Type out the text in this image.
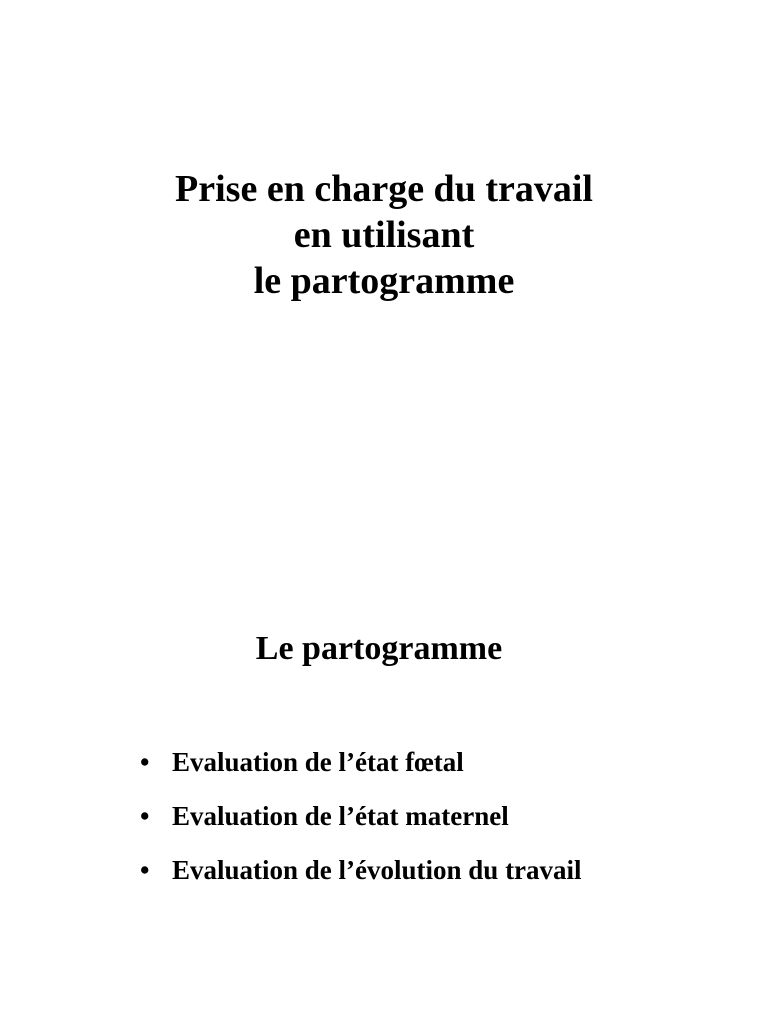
Prise en charge du travail
en utilisant
le partogramme
Le partogramme
• Evaluation de l’état fœtal
• Evaluation de l’état maternel
• Evaluation de l’évolution du travail
